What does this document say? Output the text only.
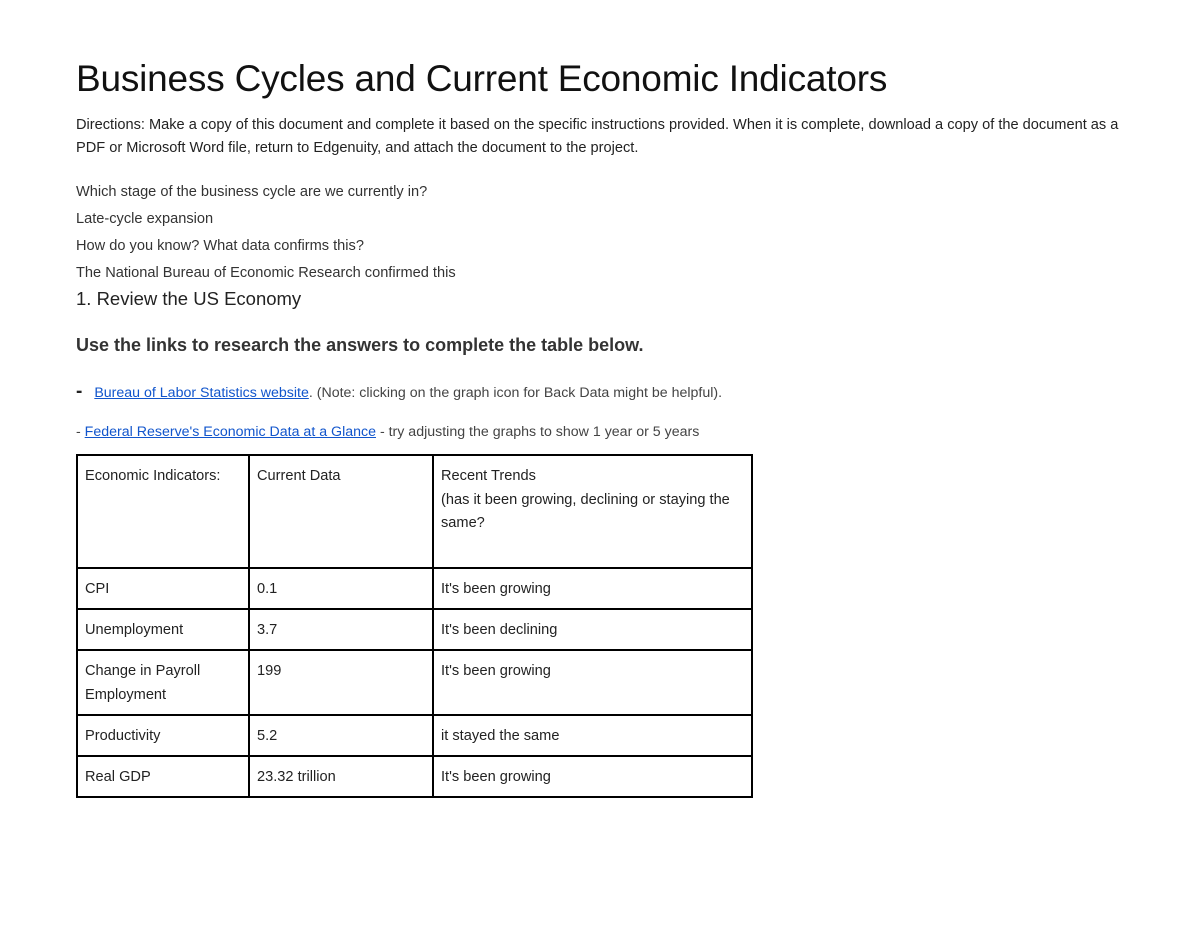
Business Cycles and Current Economic Indicators

Directions: Make a copy of this document and complete it based on the specific instructions provided. When it is complete, download a copy of the document as a PDF or Microsoft Word file, return to Edgenuity, and attach the document to the project.

Which stage of the business cycle are we currently in?

Late-cycle expansion

How do you know? What data confirms this?

The National Bureau of Economic Research confirmed this

1. Review the US Economy
Use the links to research the answers to complete the table below.

- Bureau of Labor Statistics website. (Note: clicking on the graph icon for Back Data might be helpful).

- Federal Reserve's Economic Data at a Glance - try adjusting the graphs to show 1 year or 5 years

Economic Indicators:	Current Data	Recent Trends
(has it been growing, declining or staying the same?

CPI	0.1	It's been growing
Unemployment	3.7	It's been declining
Change in Payroll Employment	199	It's been growing
Productivity	5.2	it stayed the same
Real GDP	23.32 trillion	It's been growing
